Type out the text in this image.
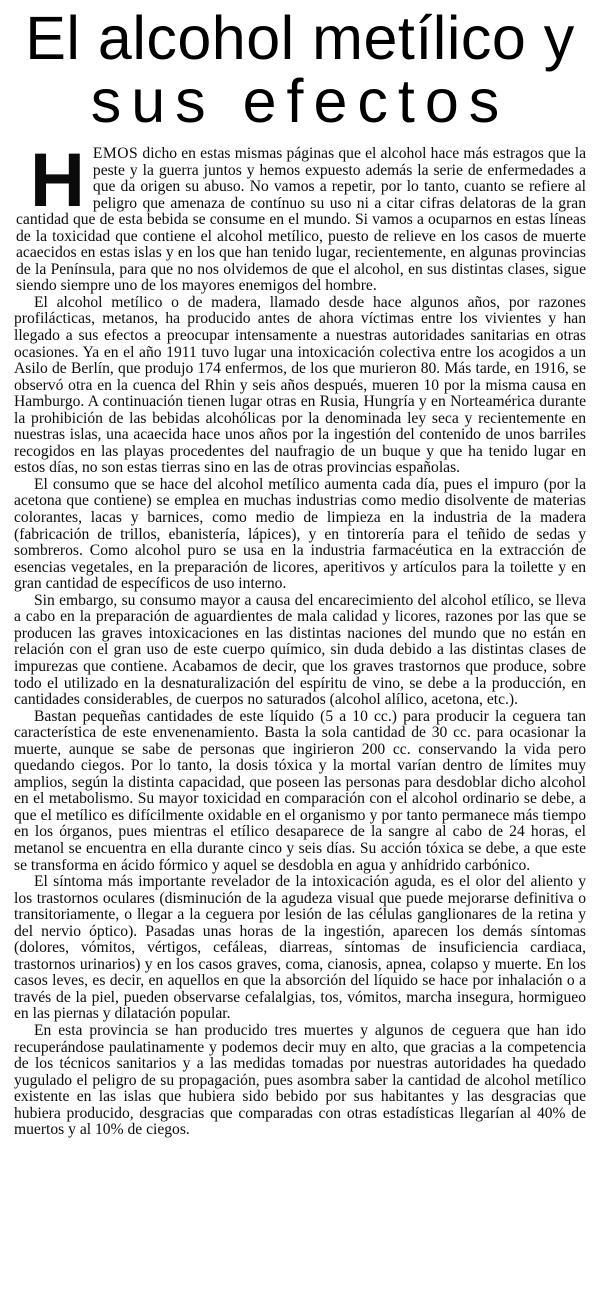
El alcohol metílico y
sus efectos

HEMOS dicho en estas mismas páginas que el alcohol hace más estragos que la peste y la guerra juntos y hemos expuesto además la serie de enfermedades a que da origen su abuso. No vamos a repetir, por lo tanto, cuanto se refiere al peligro que amenaza de contínuo su uso ni a citar cifras delatoras de la gran cantidad que de esta bebida se consume en el mundo. Si vamos a ocuparnos en estas líneas de la toxicidad que contiene el alcohol metílico, puesto de relieve en los casos de muerte acaecidos en estas islas y en los que han tenido lugar, recientemente, en algunas provincias de la Península, para que no nos olvidemos de que el alcohol, en sus distintas clases, sigue siendo siempre uno de los mayores enemigos del hombre.

El alcohol metílico o de madera, llamado desde hace algunos años, por razones profilácticas, metanos, ha producido antes de ahora víctimas entre los vivientes y han llegado a sus efectos a preocupar intensamente a nuestras autoridades sanitarias en otras ocasiones. Ya en el año 1911 tuvo lugar una intoxicación colectiva entre los acogidos a un Asilo de Berlín, que produjo 174 enfermos, de los que murieron 80. Más tarde, en 1916, se observó otra en la cuenca del Rhin y seis años después, mueren 10 por la misma causa en Hamburgo. A continuación tienen lugar otras en Rusia, Hungría y en Norteamérica durante la prohibición de las bebidas alcohólicas por la denominada ley seca y recientemente en nuestras islas, una acaecida hace unos años por la ingestión del contenido de unos barriles recogidos en las playas procedentes del naufragio de un buque y que ha tenido lugar en estos días, no son estas tierras sino en las de otras provincias españolas.

El consumo que se hace del alcohol metílico aumenta cada día, pues el impuro (por la acetona que contiene) se emplea en muchas industrias como medio disolvente de materias colorantes, lacas y barnices, como medio de limpieza en la industria de la madera (fabricación de trillos, ebanistería, lápices), y en tintorería para el teñido de sedas y sombreros. Como alcohol puro se usa en la industria farmacéutica en la extracción de esencias vegetales, en la preparación de licores, aperitivos y artículos para la toilette y en gran cantidad de específicos de uso interno.

Sin embargo, su consumo mayor a causa del encarecimiento del alcohol etílico, se lleva a cabo en la preparación de aguardientes de mala calidad y licores, razones por las que se producen las graves intoxicaciones en las distintas naciones del mundo que no están en relación con el gran uso de este cuerpo químico, sin duda debido a las distintas clases de impurezas que contiene. Acabamos de decir, que los graves trastornos que produce, sobre todo el utilizado en la desnaturalización del espíritu de vino, se debe a la producción, en cantidades considerables, de cuerpos no saturados (alcohol alílico, acetona, etc.).

Bastan pequeñas cantidades de este líquido (5 a 10 cc.) para producir la ceguera tan característica de este envenenamiento. Basta la sola cantidad de 30 cc. para ocasionar la muerte, aunque se sabe de personas que ingirieron 200 cc. conservando la vida pero quedando ciegos. Por lo tanto, la dosis tóxica y la mortal varían dentro de límites muy amplios, según la distinta capacidad, que poseen las personas para desdoblar dicho alcohol en el metabolismo. Su mayor toxicidad en comparación con el alcohol ordinario se debe, a que el metílico es difícilmente oxidable en el organismo y por tanto permanece más tiempo en los órganos, pues mientras el etílico desaparece de la sangre al cabo de 24 horas, el metanol se encuentra en ella durante cinco y seis días. Su acción tóxica se debe, a que este se transforma en ácido fórmico y aquel se desdobla en agua y anhídrido carbónico.

El síntoma más importante revelador de la intoxicación aguda, es el olor del aliento y los trastornos oculares (disminución de la agudeza visual que puede mejorarse definitiva o transitoriamente, o llegar a la ceguera por lesión de las células ganglionares de la retina y del nervio óptico). Pasadas unas horas de la ingestión, aparecen los demás síntomas (dolores, vómitos, vértigos, cefáleas, diarreas, síntomas de insuficiencia cardiaca, trastornos urinarios) y en los casos graves, coma, cianosis, apnea, colapso y muerte. En los casos leves, es decir, en aquellos en que la absorción del líquido se hace por inhalación o a través de la piel, pueden observarse cefalalgias, tos, vómitos, marcha insegura, hormigueo en las piernas y dilatación popular.

En esta provincia se han producido tres muertes y algunos de ceguera que han ido recuperándose paulatinamente y podemos decir muy en alto, que gracias a la competencia de los técnicos sanitarios y a las medidas tomadas por nuestras autoridades ha quedado yugulado el peligro de su propagación, pues asombra saber la cantidad de alcohol metílico existente en las islas que hubiera sido bebido por sus habitantes y las desgracias que hubiera producido, desgracias que comparadas con otras estadísticas llegarían al 40% de muertos y al 10% de ciegos.
